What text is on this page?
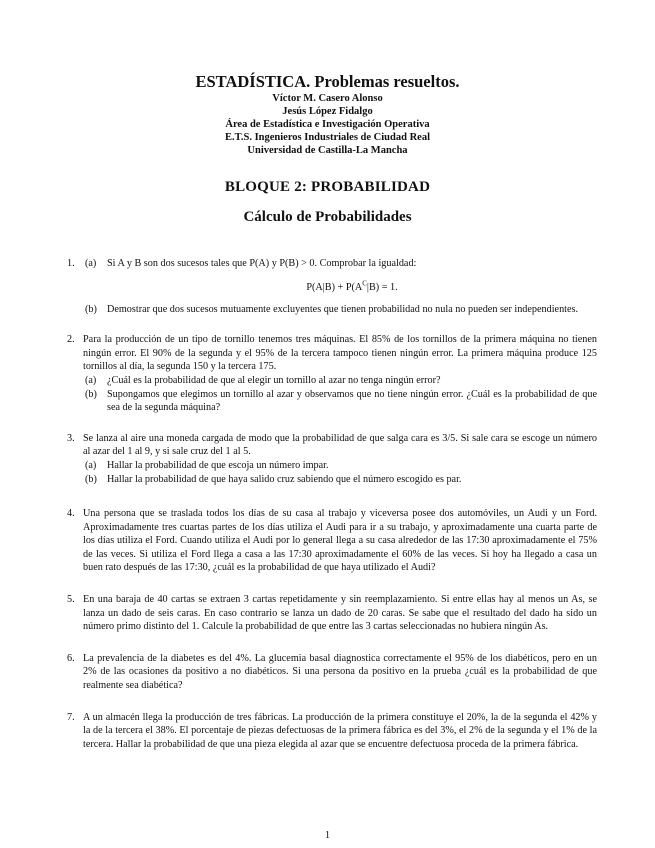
ESTADÍSTICA. Problemas resueltos.
Víctor M. Casero Alonso
Jesús López Fidalgo
Área de Estadística e Investigación Operativa
E.T.S. Ingenieros Industriales de Ciudad Real
Universidad de Castilla-La Mancha
BLOQUE 2: PROBABILIDAD
Cálculo de Probabilidades
1. (a) Si A y B son dos sucesos tales que P(A) y P(B) > 0. Comprobar la igualdad:
$P(A|B) + P(A^C|B) = 1$.
(b) Demostrar que dos sucesos mutuamente excluyentes que tienen probabilidad no nula no pueden ser independientes.
2. Para la producción de un tipo de tornillo tenemos tres máquinas. El 85% de los tornillos de la primera máquina no tienen ningún error. El 90% de la segunda y el 95% de la tercera tampoco tienen ningún error. La primera máquina produce 125 tornillos al día, la segunda 150 y la tercera 175.
(a) ¿Cuál es la probabilidad de que al elegir un tornillo al azar no tenga ningún error?
(b) Supongamos que elegimos un tornillo al azar y observamos que no tiene ningún error. ¿Cuál es la probabilidad de que sea de la segunda máquina?
3. Se lanza al aire una moneda cargada de modo que la probabilidad de que salga cara es 3/5. Si sale cara se escoge un número al azar del 1 al 9, y si sale cruz del 1 al 5.
(a) Hallar la probabilidad de que escoja un número impar.
(b) Hallar la probabilidad de que haya salido cruz sabiendo que el número escogido es par.
4. Una persona que se traslada todos los días de su casa al trabajo y viceversa posee dos automóviles, un Audi y un Ford. Aproximadamente tres cuartas partes de los días utiliza el Audi para ir a su trabajo, y aproximadamente una cuarta parte de los días utiliza el Ford. Cuando utiliza el Audi por lo general llega a su casa alrededor de las 17:30 aproximadamente el 75% de las veces. Si utiliza el Ford llega a casa a las 17:30 aproximadamente el 60% de las veces. Si hoy ha llegado a casa un buen rato después de las 17:30, ¿cuál es la probabilidad de que haya utilizado el Audi?
5. En una baraja de 40 cartas se extraen 3 cartas repetidamente y sin reemplazamiento. Si entre ellas hay al menos un As, se lanza un dado de seis caras. En caso contrario se lanza un dado de 20 caras. Se sabe que el resultado del dado ha sido un número primo distinto del 1. Calcule la probabilidad de que entre las 3 cartas seleccionadas no hubiera ningún As.
6. La prevalencia de la diabetes es del 4%. La glucemia basal diagnostica correctamente el 95% de los diabéticos, pero en un 2% de las ocasiones da positivo a no diabéticos. Si una persona da positivo en la prueba ¿cuál es la probabilidad de que realmente sea diabética?
7. A un almacén llega la producción de tres fábricas. La producción de la primera constituye el 20%, la de la segunda el 42% y la de la tercera el 38%. El porcentaje de piezas defectuosas de la primera fábrica es del 3%, el 2% de la segunda y el 1% de la tercera. Hallar la probabilidad de que una pieza elegida al azar que se encuentre defectuosa proceda de la primera fábrica.
1
